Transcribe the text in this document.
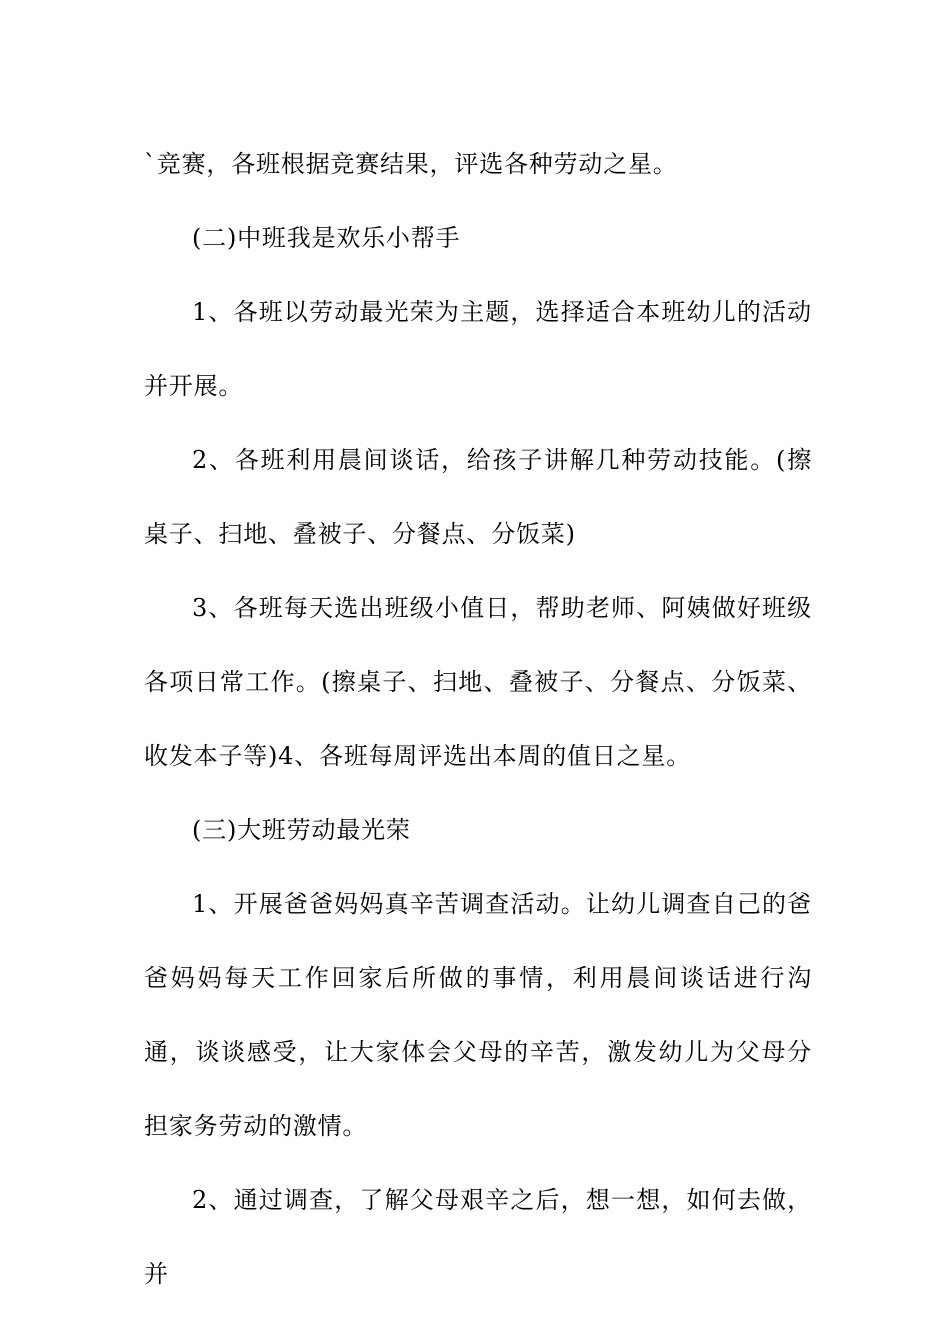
`竞赛，各班根据竞赛结果，评选各种劳动之星。

(二)中班我是欢乐小帮手

1、各班以劳动最光荣为主题，选择适合本班幼儿的活动并开展。

2、各班利用晨间谈话，给孩子讲解几种劳动技能。(擦桌子、扫地、叠被子、分餐点、分饭菜)

3、各班每天选出班级小值日，帮助老师、阿姨做好班级各项日常工作。(擦桌子、扫地、叠被子、分餐点、分饭菜、收发本子等)4、各班每周评选出本周的值日之星。

(三)大班劳动最光荣

1、开展爸爸妈妈真辛苦调查活动。让幼儿调查自己的爸爸妈妈每天工作回家后所做的事情，利用晨间谈话进行沟通，谈谈感受，让大家体会父母的辛苦，激发幼儿为父母分担家务劳动的激情。

2、通过调查，了解父母艰辛之后，想一想，如何去做，并
